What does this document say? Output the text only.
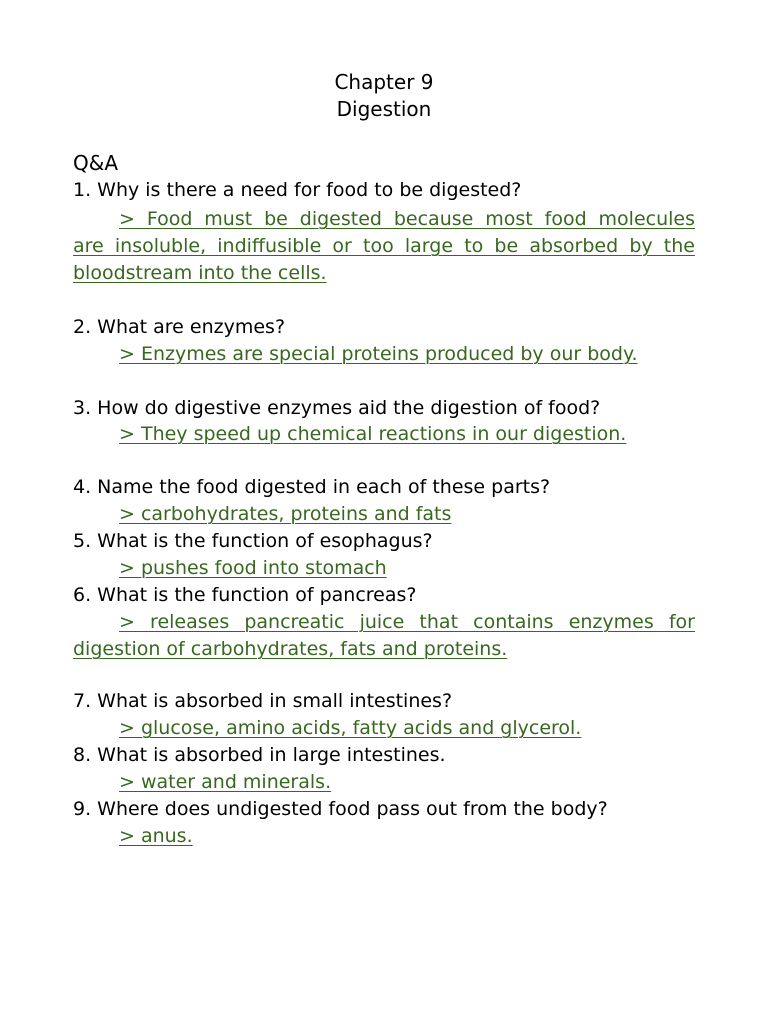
Chapter 9
Digestion
Q&A
1. Why is there a need for food to be digested?
> Food must be digested because most food molecules
are insoluble, indiffusible or too large to be absorbed by the
bloodstream into the cells.
2. What are enzymes?
> Enzymes are special proteins produced by our body.
3. How do digestive enzymes aid the digestion of food?
> They speed up chemical reactions in our digestion.
4. Name the food digested in each of these parts?
> carbohydrates, proteins and fats
5. What is the function of esophagus?
> pushes food into stomach
6. What is the function of pancreas?
> releases pancreatic juice that contains enzymes for
digestion of carbohydrates, fats and proteins.
7. What is absorbed in small intestines?
> glucose, amino acids, fatty acids and glycerol.
8. What is absorbed in large intestines.
> water and minerals.
9. Where does undigested food pass out from the body?
> anus.
